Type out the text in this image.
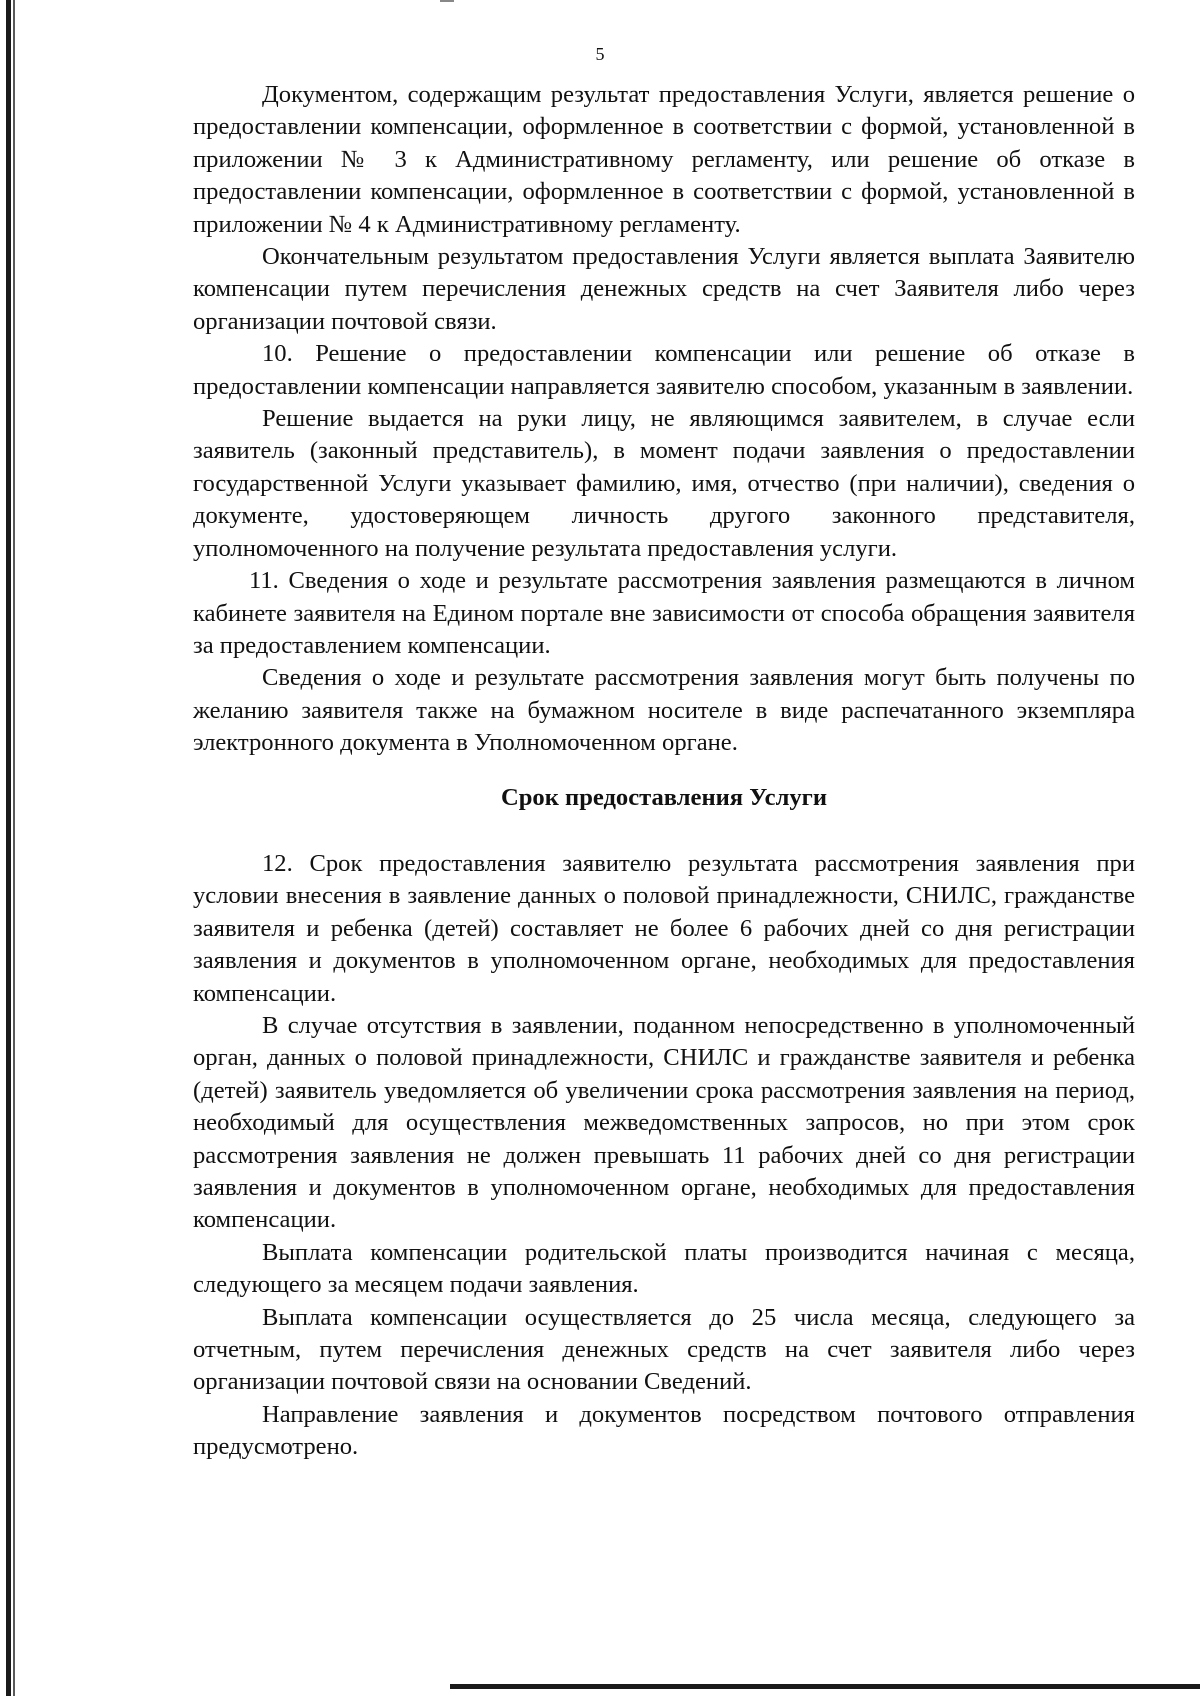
5

Документом, содержащим результат предоставления Услуги, является решение о предоставлении компенсации, оформленное в соответствии с формой, установленной в приложении № 3 к Административному регламенту, или решение об отказе в предоставлении компенсации, оформленное в соответствии с формой, установленной в приложении № 4 к Административному регламенту.

Окончательным результатом предоставления Услуги является выплата Заявителю компенсации путем перечисления денежных средств на счет Заявителя либо через организации почтовой связи.

10. Решение о предоставлении компенсации или решение об отказе в предоставлении компенсации направляется заявителю способом, указанным в заявлении.

Решение выдается на руки лицу, не являющимся заявителем, в случае если заявитель (законный представитель), в момент подачи заявления о предоставлении государственной Услуги указывает фамилию, имя, отчество (при наличии), сведения о документе, удостоверяющем личность другого законного представителя, уполномоченного на получение результата предоставления услуги.

11. Сведения о ходе и результате рассмотрения заявления размещаются в личном кабинете заявителя на Едином портале вне зависимости от способа обращения заявителя за предоставлением компенсации.

Сведения о ходе и результате рассмотрения заявления могут быть получены по желанию заявителя также на бумажном носителе в виде распечатанного экземпляра электронного документа в Уполномоченном органе.

Срок предоставления Услуги

12. Срок предоставления заявителю результата рассмотрения заявления при условии внесения в заявление данных о половой принадлежности, СНИЛС, гражданстве заявителя и ребенка (детей) составляет не более 6 рабочих дней со дня регистрации заявления и документов в уполномоченном органе, необходимых для предоставления компенсации.

В случае отсутствия в заявлении, поданном непосредственно в уполномоченный орган, данных о половой принадлежности, СНИЛС и гражданстве заявителя и ребенка (детей) заявитель уведомляется об увеличении срока рассмотрения заявления на период, необходимый для осуществления межведомственных запросов, но при этом срок рассмотрения заявления не должен превышать 11 рабочих дней со дня регистрации заявления и документов в уполномоченном органе, необходимых для предоставления компенсации.

Выплата компенсации родительской платы производится начиная с месяца, следующего за месяцем подачи заявления.

Выплата компенсации осуществляется до 25 числа месяца, следующего за отчетным, путем перечисления денежных средств на счет заявителя либо через организации почтовой связи на основании Сведений.

Направление заявления и документов посредством почтового отправления предусмотрено.
